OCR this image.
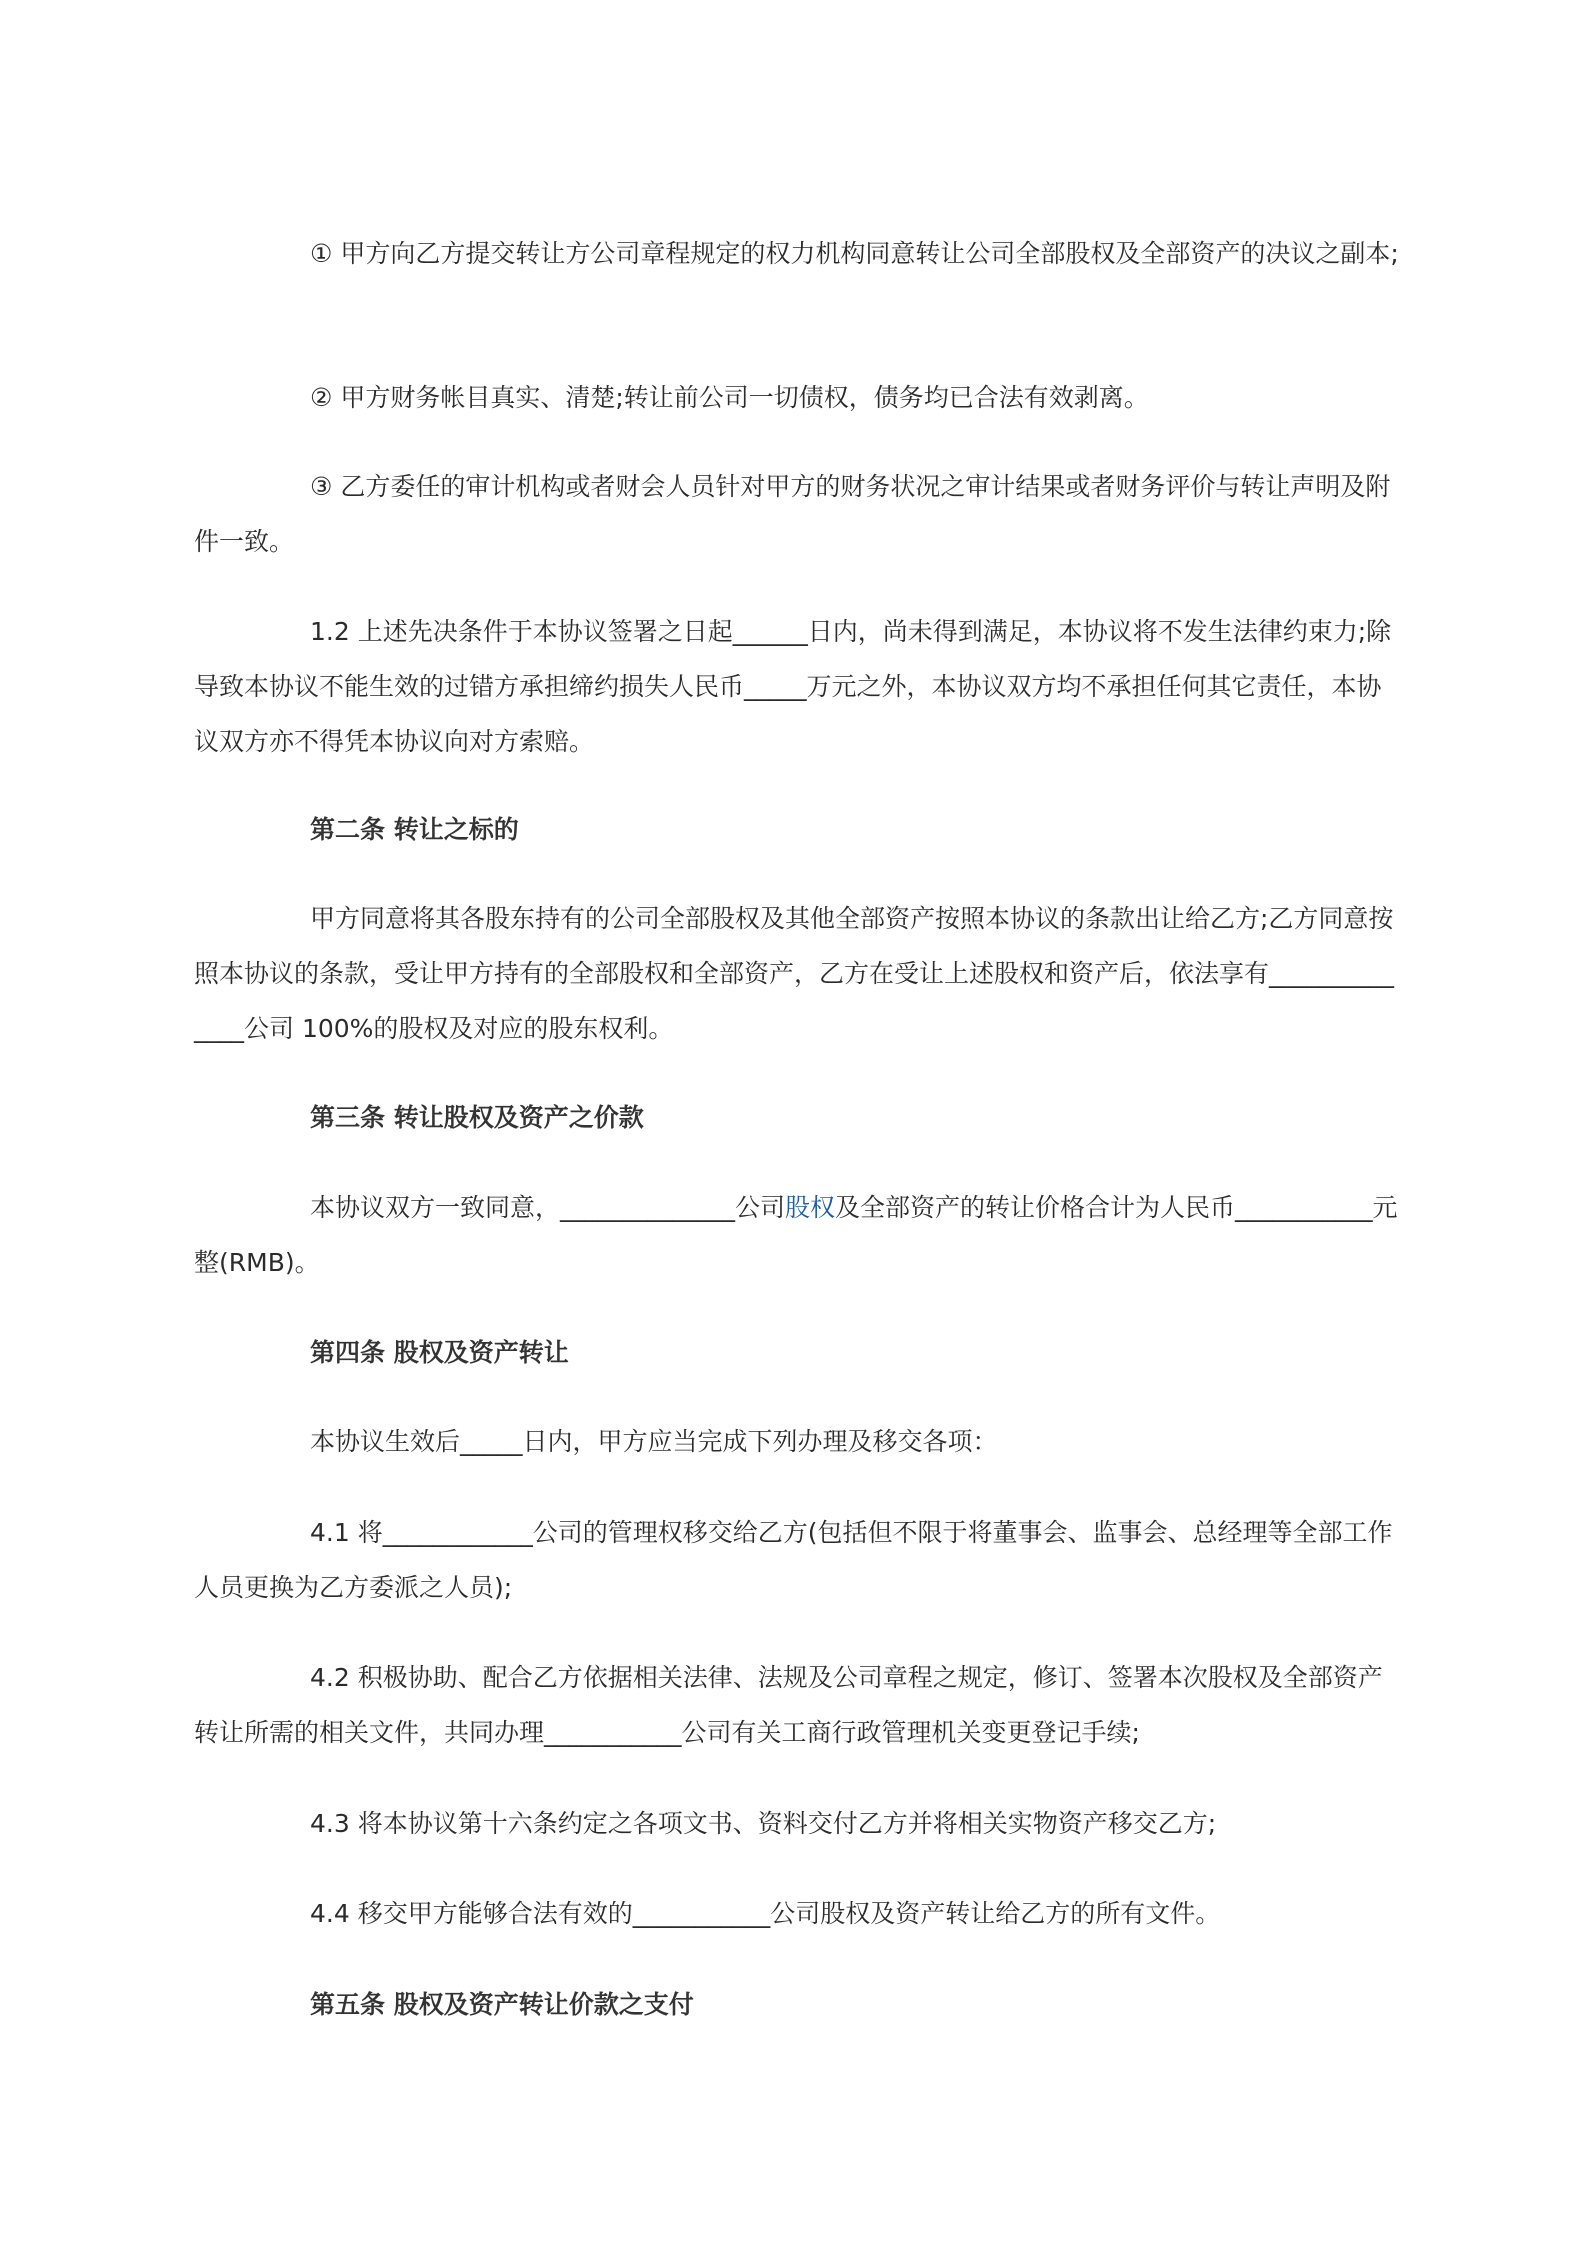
① 甲方向乙方提交转让方公司章程规定的权力机构同意转让公司全部股权及全部资产的决议之副本;

② 甲方财务帐目真实、清楚;转让前公司一切债权，债务均已合法有效剥离。

③ 乙方委任的审计机构或者财会人员针对甲方的财务状况之审计结果或者财务评价与转让声明及附件一致。

1.2 上述先决条件于本协议签署之日起______日内，尚未得到满足，本协议将不发生法律约束力;除导致本协议不能生效的过错方承担缔约损失人民币_____万元之外，本协议双方均不承担任何其它责任，本协议双方亦不得凭本协议向对方索赔。

第二条 转让之标的

甲方同意将其各股东持有的公司全部股权及其他全部资产按照本协议的条款出让给乙方;乙方同意按照本协议的条款，受让甲方持有的全部股权和全部资产，乙方在受让上述股权和资产后，依法享有______________公司 100%的股权及对应的股东权利。

第三条 转让股权及资产之价款

本协议双方一致同意，______________公司股权及全部资产的转让价格合计为人民币___________元整(RMB)。

第四条 股权及资产转让

本协议生效后_____日内，甲方应当完成下列办理及移交各项：

4.1 将____________公司的管理权移交给乙方(包括但不限于将董事会、监事会、总经理等全部工作人员更换为乙方委派之人员);

4.2 积极协助、配合乙方依据相关法律、法规及公司章程之规定，修订、签署本次股权及全部资产转让所需的相关文件，共同办理___________公司有关工商行政管理机关变更登记手续;

4.3 将本协议第十六条约定之各项文书、资料交付乙方并将相关实物资产移交乙方;

4.4 移交甲方能够合法有效的___________公司股权及资产转让给乙方的所有文件。

第五条 股权及资产转让价款之支付
